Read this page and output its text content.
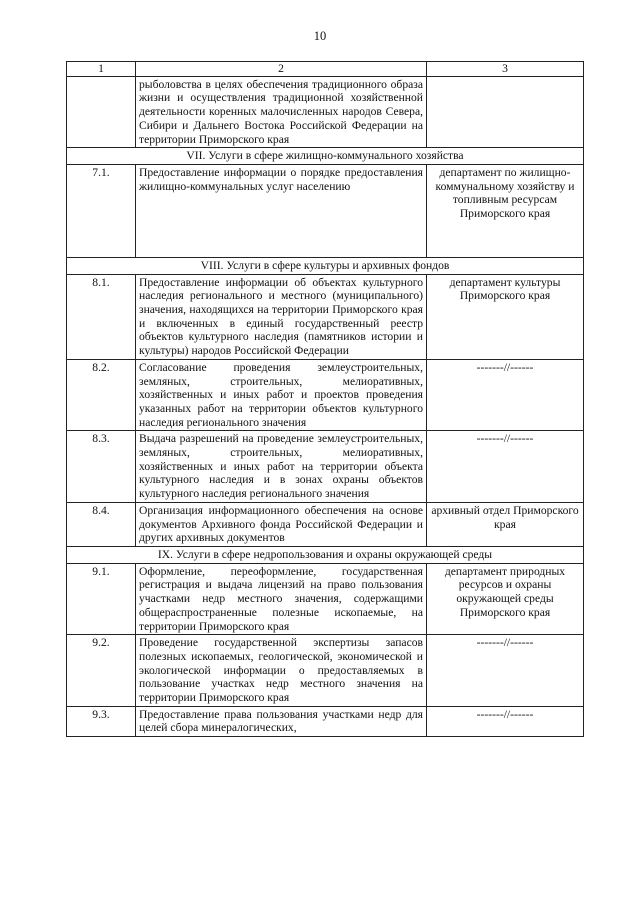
10
1	2	3
	рыболовства в целях обеспечения традиционного образа жизни и осуществления традиционной хозяйственной деятельности коренных малочисленных народов Севера, Сибири и Дальнего Востока Российской Федерации на территории Приморского края	
VII. Услуги в сфере жилищно-коммунального хозяйства		
7.1.	Предоставление информации о порядке предоставления жилищно-коммунальных услуг населению	департамент по жилищно-коммунальному хозяйству и топливным ресурсам Приморского края
VIII. Услуги в сфере культуры и архивных фондов		
8.1.	Предоставление информации об объектах культурного наследия регионального и местного (муниципального) значения, находящихся на территории Приморского края и включенных в единый государственный реестр объектов культурного наследия (памятников истории и культуры) народов Российской Федерации	департамент культуры Приморского края
8.2.	Согласование проведения землеустроительных, земляных, строительных, мелиоративных, хозяйственных и иных работ и проектов проведения указанных работ на территории объектов культурного наследия регионального значения	-------//------
8.3.	Выдача разрешений на проведение землеустроительных, земляных, строительных, мелиоративных, хозяйственных и иных работ на территории объекта культурного наследия и в зонах охраны объектов культурного наследия регионального значения	-------//------
8.4.	Организация информационного обеспечения на основе документов Архивного фонда Российской Федерации и других архивных документов	архивный отдел Приморского края
IX. Услуги в сфере недропользования и охраны окружающей среды		
9.1.	Оформление, переоформление, государственная регистрация и выдача лицензий на право пользования участками недр местного значения, содержащими общераспространенные полезные ископаемые, на территории Приморского края	департамент природных ресурсов и охраны окружающей среды Приморского края
9.2.	Проведение государственной экспертизы запасов полезных ископаемых, геологической, экономической и экологической информации о предоставляемых в пользование участках недр местного значения на территории Приморского края	-------//------
9.3.	Предоставление права пользования участками недр для целей сбора минералогических,	-------//------
